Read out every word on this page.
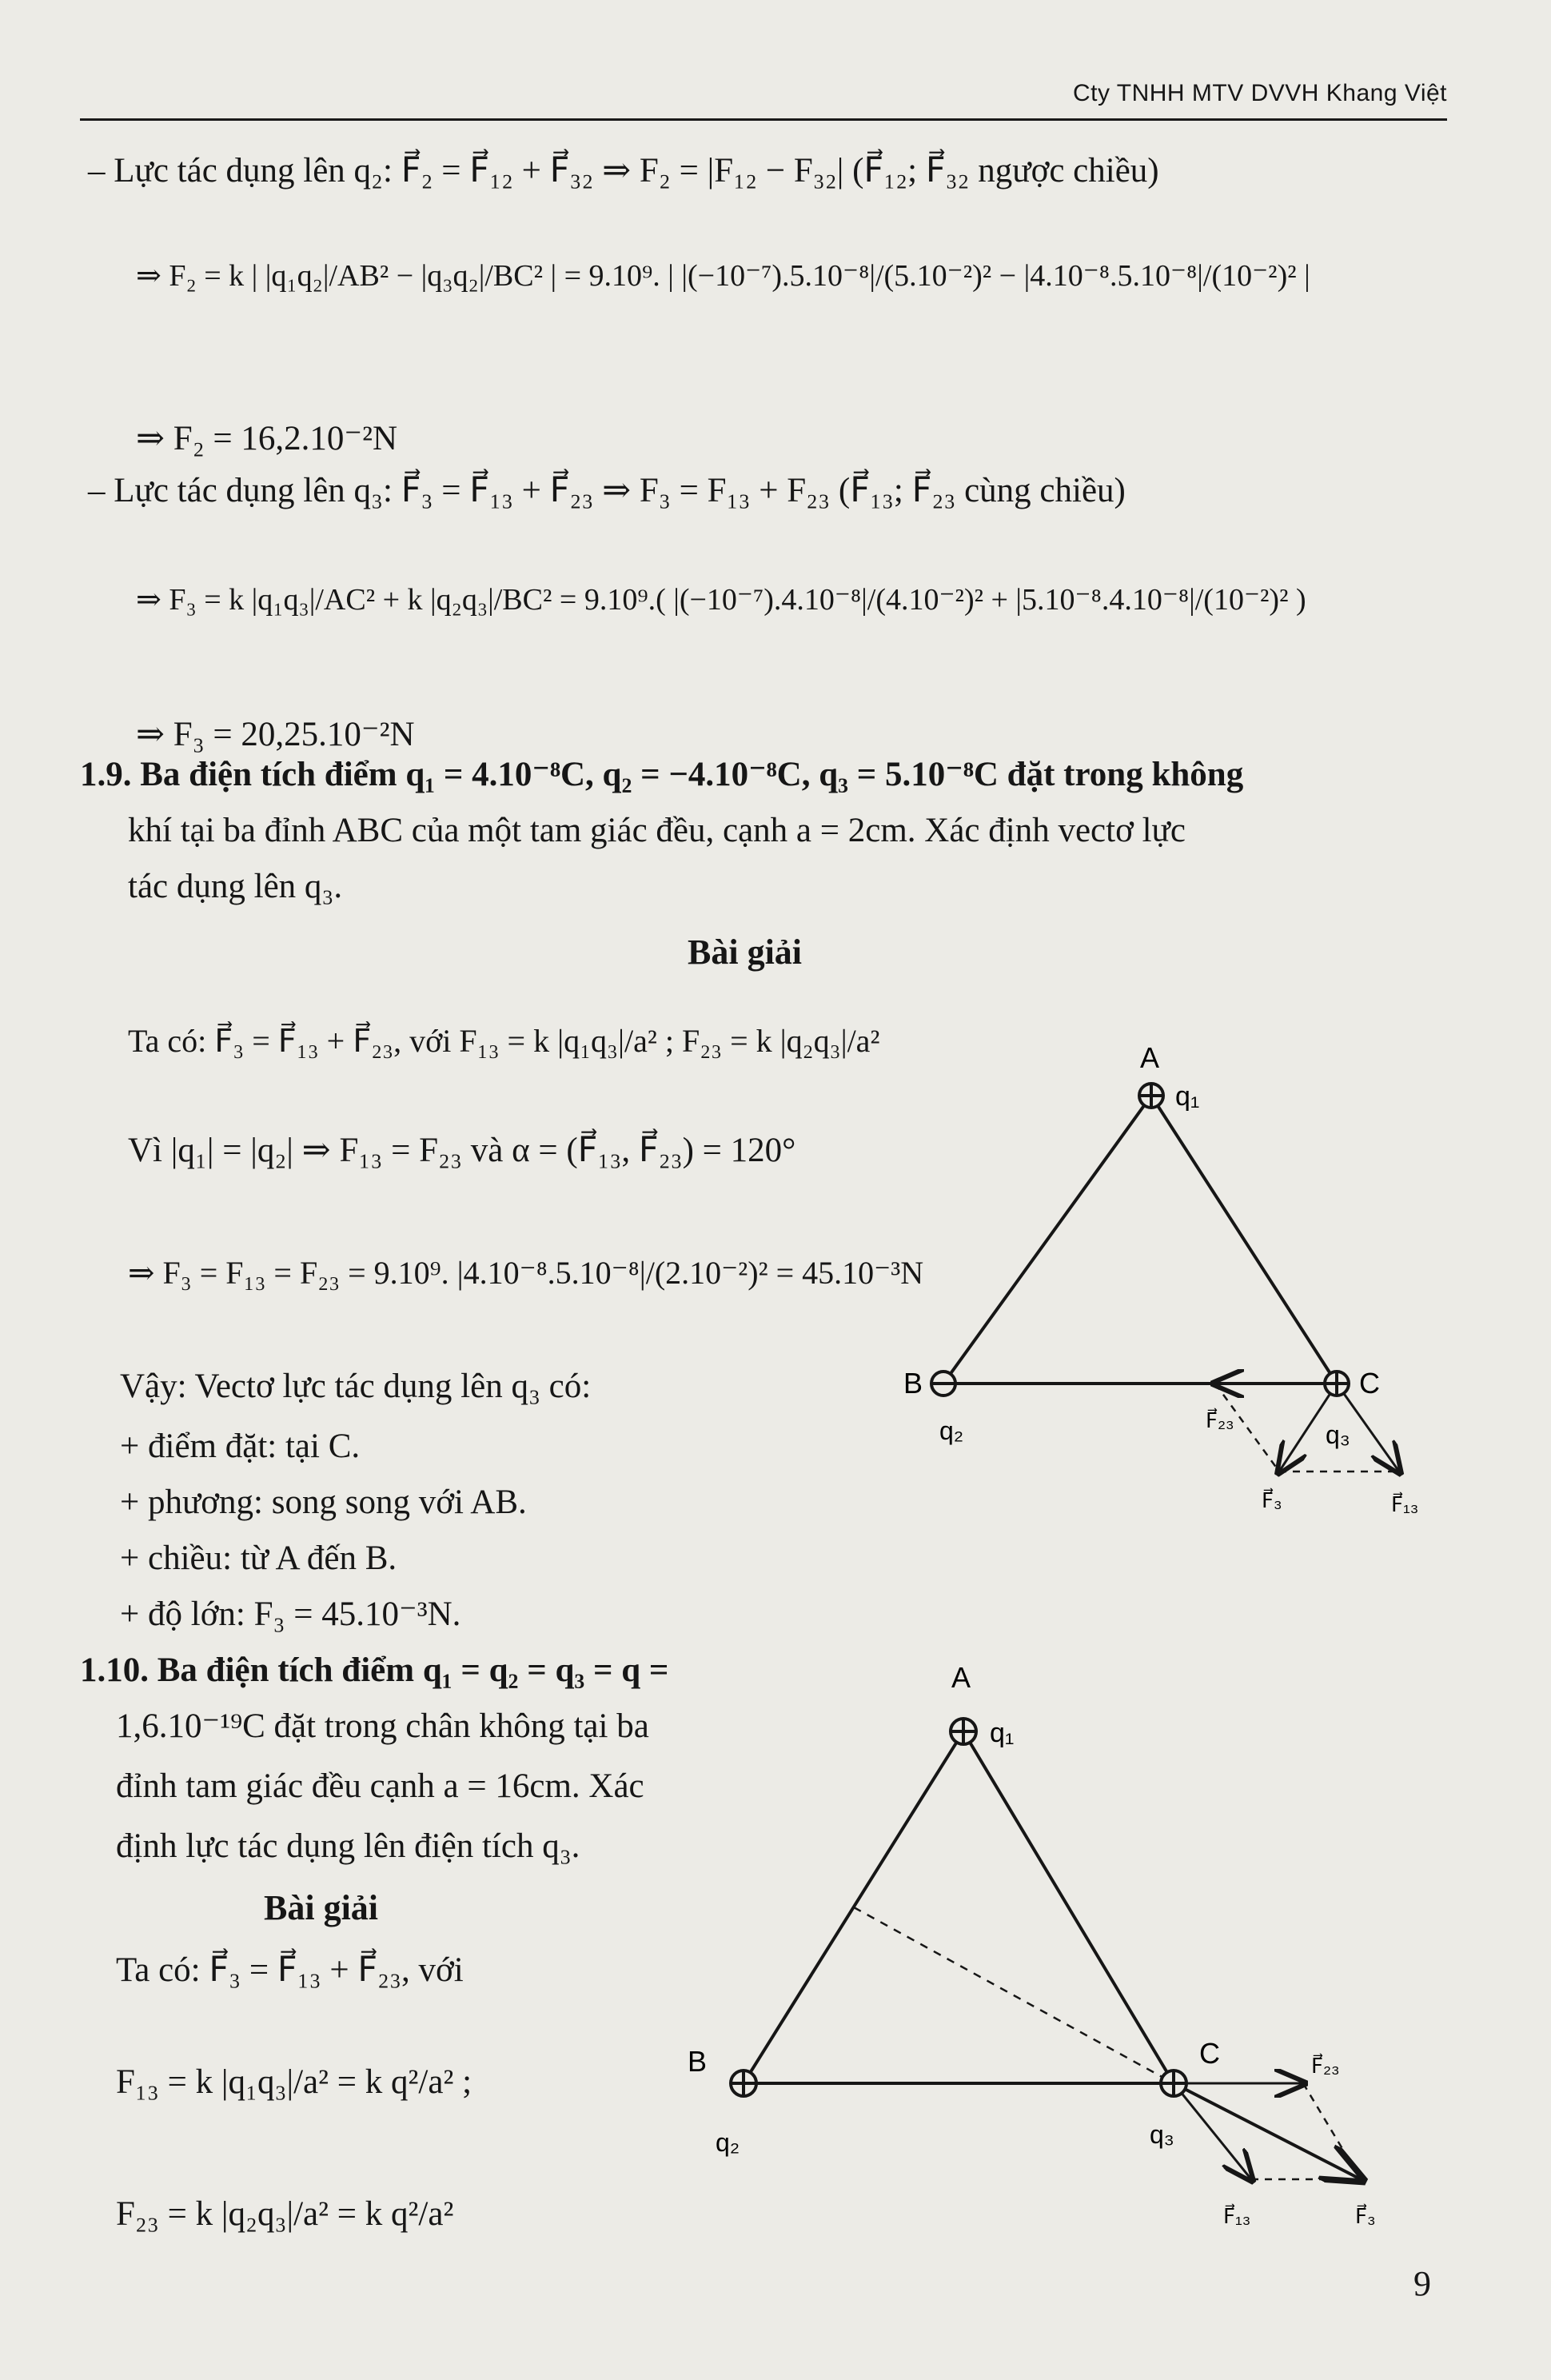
Cty TNHH MTV DVVH Khang Việt
– Lực tác dụng lên q₂: F⃗₂ = F⃗₁₂ + F⃗₃₂ ⇒ F₂ = |F₁₂ − F₃₂| (F⃗₁₂; F⃗₃₂ ngược chiều)
⇒ F₂ = k | |q₁q₂|/AB² − |q₃q₂|/BC² | = 9.10⁹. | |(−10⁻⁷).5.10⁻⁸|/(5.10⁻²)² − |4.10⁻⁸.5.10⁻⁸|/(10⁻²)² |
⇒ F₂ = 16,2.10⁻²N
– Lực tác dụng lên q₃: F⃗₃ = F⃗₁₃ + F⃗₂₃ ⇒ F₃ = F₁₃ + F₂₃ (F⃗₁₃; F⃗₂₃ cùng chiều)
⇒ F₃ = k |q₁q₃|/AC² + k |q₂q₃|/BC² = 9.10⁹.( |(−10⁻⁷).4.10⁻⁸|/(4.10⁻²)² + |5.10⁻⁸.4.10⁻⁸|/(10⁻²)² )
⇒ F₃ = 20,25.10⁻²N
1.9. Ba điện tích điểm q₁ = 4.10⁻⁸C, q₂ = −4.10⁻⁸C, q₃ = 5.10⁻⁸C đặt trong không
khí tại ba đỉnh ABC của một tam giác đều, cạnh a = 2cm. Xác định vectơ lực
tác dụng lên q₃.
Bài giải
Ta có: F⃗₃ = F⃗₁₃ + F⃗₂₃, với F₁₃ = k |q₁q₃|/a² ; F₂₃ = k |q₂q₃|/a²
Vì |q₁| = |q₂| ⇒ F₁₃ = F₂₃ và α = (F⃗₁₃, F⃗₂₃) = 120°
⇒ F₃ = F₁₃ = F₂₃ = 9.10⁹. |4.10⁻⁸.5.10⁻⁸|/(2.10⁻²)² = 45.10⁻³N
Vậy: Vectơ lực tác dụng lên q₃ có:
+ điểm đặt: tại C.
+ phương: song song với AB.
+ chiều: từ A đến B.
+ độ lớn: F₃ = 45.10⁻³N.
A
q₁
B
q₂
C
q₃
F⃗₂₃
F⃗₃	F⃗₁₃
1.10. Ba điện tích điểm q₁ = q₂ = q₃ = q =
1,6.10⁻¹⁹C đặt trong chân không tại ba
đỉnh tam giác đều cạnh a = 16cm. Xác
định lực tác dụng lên điện tích q₃.
Bài giải
Ta có: F⃗₃ = F⃗₁₃ + F⃗₂₃, với
F₁₃ = k |q₁q₃|/a² = k q²/a² ;
F₂₃ = k |q₂q₃|/a² = k q²/a²
A
q₁
B
q₂
C
q₃
F⃗₂₃
F⃗₁₃	F⃗₃
9
